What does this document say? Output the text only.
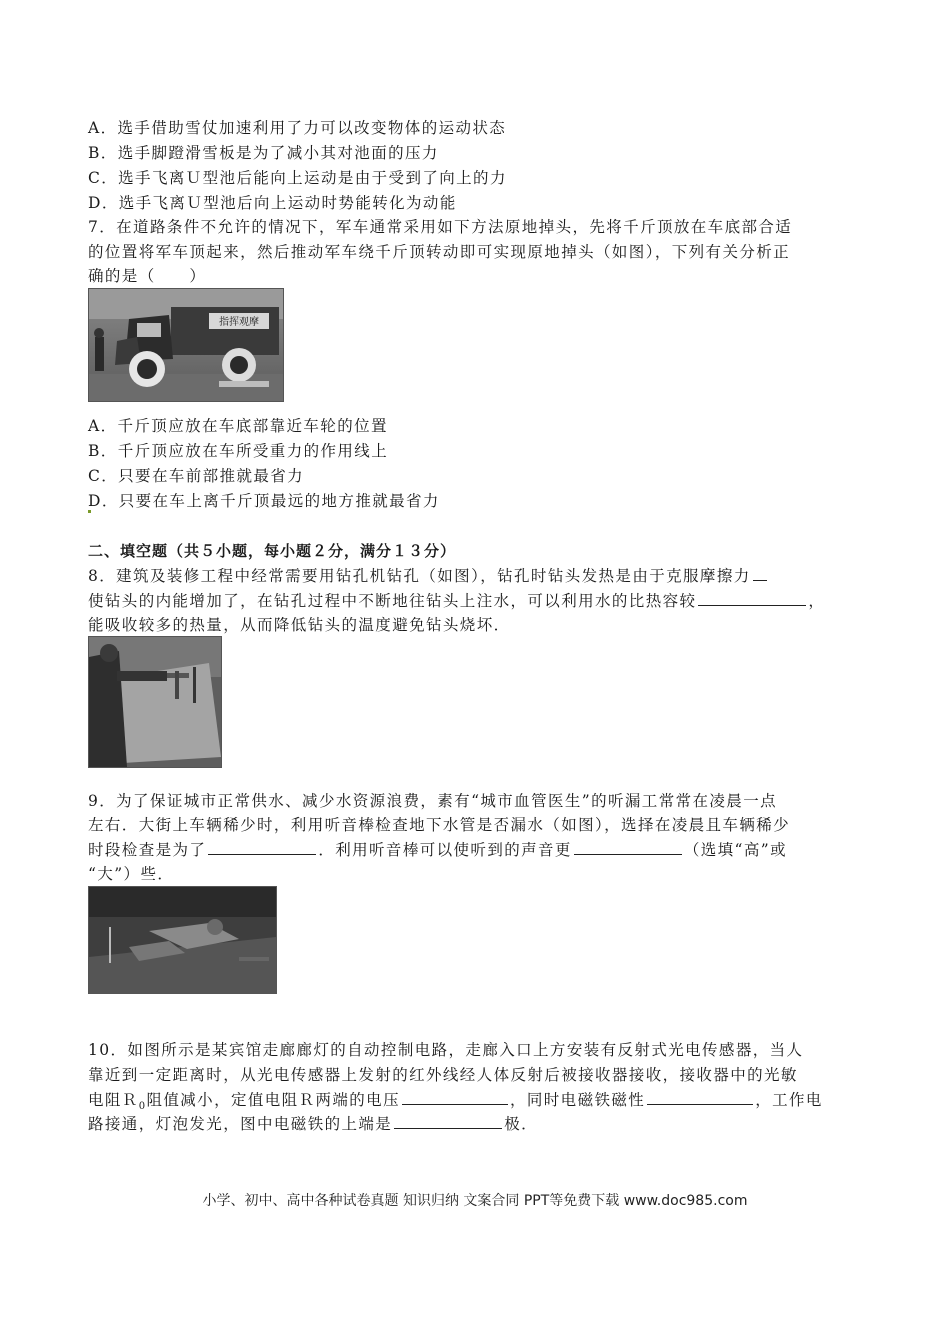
A．选手借助雪仗加速利用了力可以改变物体的运动状态
B．选手脚蹬滑雪板是为了减小其对池面的压力
C．选手飞离Ｕ型池后能向上运动是由于受到了向上的力
D．选手飞离Ｕ型池后向上运动时势能转化为动能
7．在道路条件不允许的情况下，军车通常采用如下方法原地掉头，先将千斤顶放在车底部合适
的位置将军车顶起来，然后推动军车绕千斤顶转动即可实现原地掉头（如图），下列有关分析正
确的是（　　）
指挥观摩
A．千斤顶应放在车底部靠近车轮的位置
B．千斤顶应放在车所受重力的作用线上
C．只要在车前部推就最省力
D．只要在车上离千斤顶最远的地方推就最省力
二、填空题（共５小题，每小题２分，满分１３分）
8．建筑及装修工程中经常需要用钻孔机钻孔（如图），钻孔时钻头发热是由于克服摩擦力
使钻头的内能增加了，在钻孔过程中不断地往钻头上注水，可以利用水的比热容较	，
能吸收较多的热量，从而降低钻头的温度避免钻头烧坏．
9．为了保证城市正常供水、减少水资源浪费，素有“城市血管医生”的听漏工常常在凌晨一点
左右．大街上车辆稀少时，利用听音棒检查地下水管是否漏水（如图），选择在凌晨且车辆稀少
时段检查是为了	．利用听音棒可以使听到的声音更	（选填“高”或
“大”）些．
10．如图所示是某宾馆走廊廊灯的自动控制电路，走廊入口上方安装有反射式光电传感器，当人
靠近到一定距离时，从光电传感器上发射的红外线经人体反射后被接收器接收，接收器中的光敏
电阻Ｒ$_0$阻值减小，定值电阻Ｒ两端的电压	，同时电磁铁磁性	，工作电
路接通，灯泡发光，图中电磁铁的上端是	极．
小学、初中、高中各种试卷真题 知识归纳 文案合同 PPT等免费下载 www.doc985.com
